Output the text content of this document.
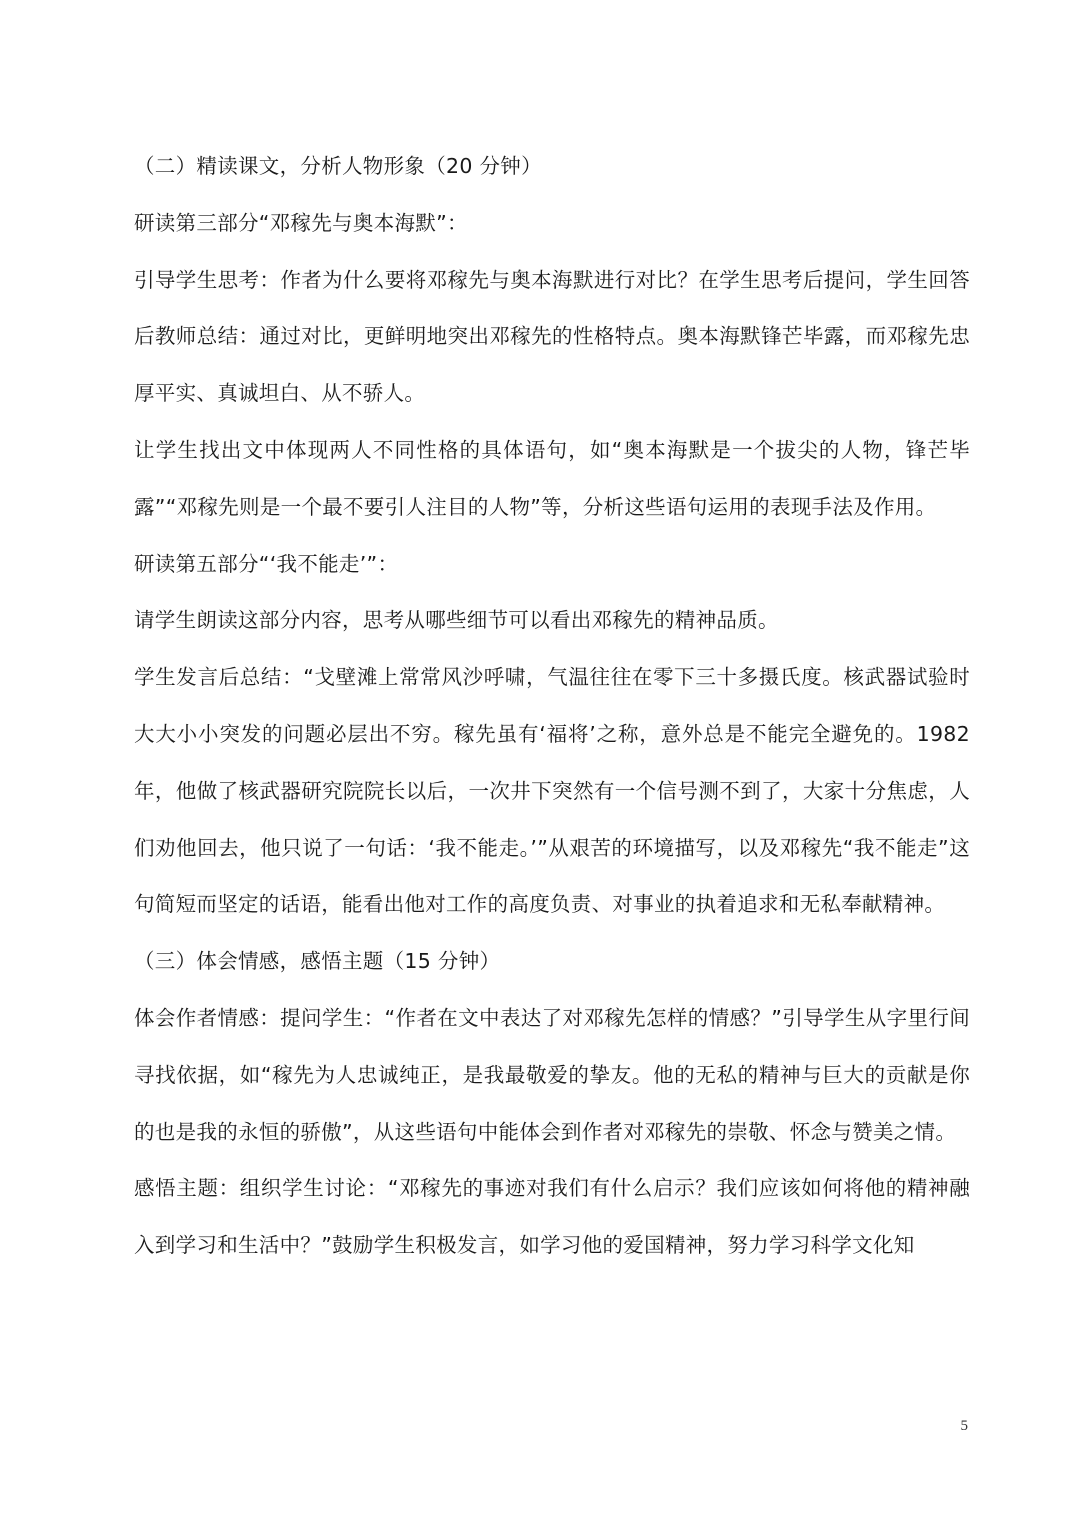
（二）精读课文，分析人物形象（20 分钟）

研读第三部分“邓稼先与奥本海默”：

引导学生思考：作者为什么要将邓稼先与奥本海默进行对比？在学生思考后提问，学生回答后教师总结：通过对比，更鲜明地突出邓稼先的性格特点。奥本海默锋芒毕露，而邓稼先忠厚平实、真诚坦白、从不骄人。

让学生找出文中体现两人不同性格的具体语句，如“奥本海默是一个拔尖的人物，锋芒毕露”“邓稼先则是一个最不要引人注目的人物”等，分析这些语句运用的表现手法及作用。

研读第五部分“‘我不能走’”：

请学生朗读这部分内容，思考从哪些细节可以看出邓稼先的精神品质。

学生发言后总结：“戈壁滩上常常风沙呼啸，气温往往在零下三十多摄氏度。核武器试验时大大小小突发的问题必层出不穷。稼先虽有‘福将’之称，意外总是不能完全避免的。1982年，他做了核武器研究院院长以后，一次井下突然有一个信号测不到了，大家十分焦虑，人们劝他回去，他只说了一句话：‘我不能走。’”从艰苦的环境描写，以及邓稼先“我不能走”这句简短而坚定的话语，能看出他对工作的高度负责、对事业的执着追求和无私奉献精神。

（三）体会情感，感悟主题（15 分钟）

体会作者情感：提问学生：“作者在文中表达了对邓稼先怎样的情感？”引导学生从字里行间寻找依据，如“稼先为人忠诚纯正，是我最敬爱的挚友。他的无私的精神与巨大的贡献是你的也是我的永恒的骄傲”，从这些语句中能体会到作者对邓稼先的崇敬、怀念与赞美之情。

感悟主题：组织学生讨论：“邓稼先的事迹对我们有什么启示？我们应该如何将他的精神融入到学习和生活中？”鼓励学生积极发言，如学习他的爱国精神，努力学习科学文化知

5
